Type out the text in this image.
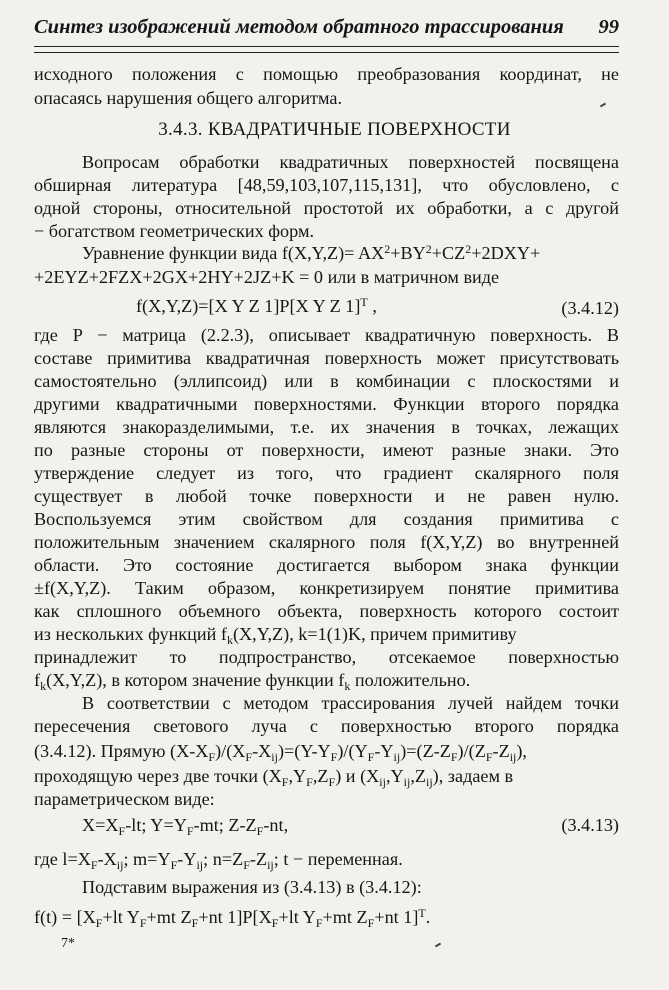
Синтез изображений методом обратного трассирования 99
исходного положения с помощью преобразования координат, не
опасаясь нарушения общего алгоритма.
3.4.3. КВАДРАТИЧНЫЕ ПОВЕРХНОСТИ
Вопросам обработки квадратичных поверхностей посвящена
обширная литература [48,59,103,107,115,131], что обусловлено, с
одной стороны, относительной простотой их обработки, а с другой
− богатством геометрических форм.
Уравнение функции вида $f(X,Y,Z)= AX^2+BY^2+CZ^2+2DXY+$
+2EYZ+2FZX+2GX+2HY+2JZ+K = 0 или в матричном виде
f(X,Y,Z)=[X Y Z 1]P[X Y Z 1]$^T$ ,	(3.4.12)
где P − матрица (2.2.3), описывает квадратичную поверхность. В
составе примитива квадратичная поверхность может присутствовать
самостоятельно (эллипсоид) или в комбинации с плоскостями и
другими квадратичными поверхностями. Функции второго порядка
являются знакоразделимыми, т.е. их значения в точках, лежащих
по разные стороны от поверхности, имеют разные знаки. Это
утверждение следует из того, что градиент скалярного поля
существует в любой точке поверхности и не равен нулю.
Воспользуемся этим свойством для создания примитива с
положительным значением скалярного поля f(X,Y,Z) во внутренней
области. Это состояние достигается выбором знака функции
±f(X,Y,Z). Таким образом, конкретизируем понятие примитива
как сплошного объемного объекта, поверхность которого состоит
из нескольких функций $f_k(X,Y,Z)$, k=1(1)K, причем примитиву
принадлежит то подпространство, отсекаемое поверхностью
$f_k(X,Y,Z)$, в котором значение функции $f_k$ положительно.
В соответствии с методом трассирования лучей найдем точки
пересечения светового луча с поверхностью второго порядка
(3.4.12). Прямую $(X-X_F)/(X_F-X_{ij})=(Y-Y_F)/(Y_F-Y_{ij})=(Z-Z_F)/(Z_F-Z_{ij})$,
проходящую через две точки $(X_F,Y_F,Z_F)$ и $(X_{ij},Y_{ij},Z_{ij})$, задаем в
параметрическом виде:
$X=X_F-lt$; $Y=Y_F-mt$; $Z-Z_F-nt$,	(3.4.13)
где $l=X_F-X_{ij}$; $m=Y_F-Y_{ij}$; $n=Z_F-Z_{ij}$; t − переменная.
Подставим выражения из (3.4.13) в (3.4.12):
$f(t) = [X_F+lt$ $Y_F+mt$ $Z_F+nt$ $1]P[X_F+lt$ $Y_F+mt$ $Z_F+nt$ 1]$^T$.
7*
